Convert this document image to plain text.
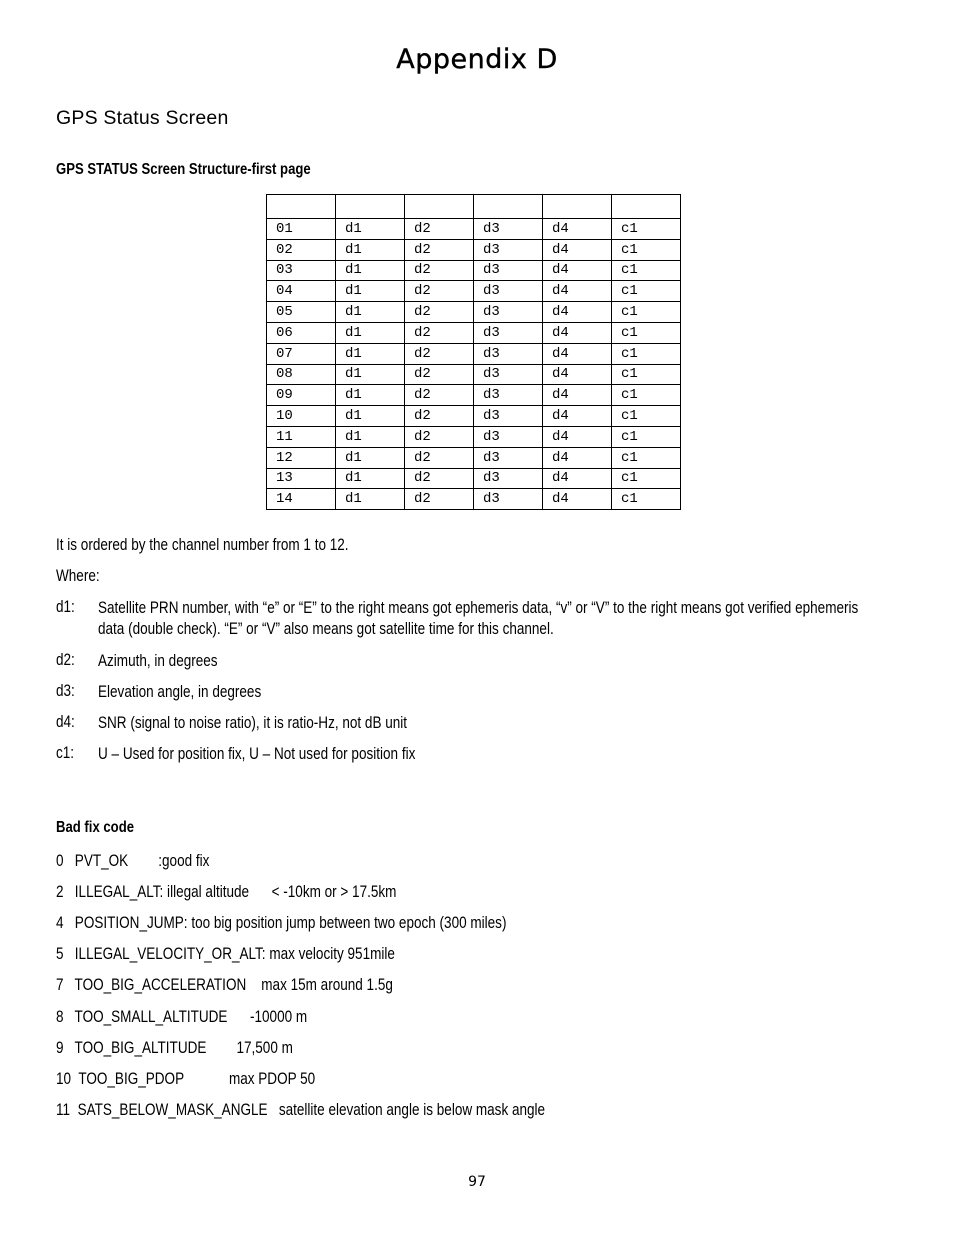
Appendix D
GPS Status Screen
GPS STATUS Screen Structure-first page

01	d1	d2	d3	d4	c1
02	d1	d2	d3	d4	c1
03	d1	d2	d3	d4	c1
04	d1	d2	d3	d4	c1
05	d1	d2	d3	d4	c1
06	d1	d2	d3	d4	c1
07	d1	d2	d3	d4	c1
08	d1	d2	d3	d4	c1
09	d1	d2	d3	d4	c1
10	d1	d2	d3	d4	c1
11	d1	d2	d3	d4	c1
12	d1	d2	d3	d4	c1
13	d1	d2	d3	d4	c1
14	d1	d2	d3	d4	c1
It is ordered by the channel number from 1 to 12.
Where:
d1: Satellite PRN number, with “e” or “E” to the right means got ephemeris data, “v” or “V” to the right means got verified ephemeris data (double check). “E” or “V” also means got satellite time for this channel.
d2: Azimuth, in degrees
d3: Elevation angle, in degrees
d4: SNR (signal to noise ratio), it is ratio-Hz, not dB unit
c1: U – Used for position fix, U – Not used for position fix
Bad fix code
0   PVT_OK        :good fix
2   ILLEGAL_ALT: illegal altitude      < -10km or > 17.5km
4   POSITION_JUMP: too big position jump between two epoch (300 miles)
5   ILLEGAL_VELOCITY_OR_ALT: max velocity 951mile
7   TOO_BIG_ACCELERATION    max 15m around 1.5g
8   TOO_SMALL_ALTITUDE      -10000 m
9   TOO_BIG_ALTITUDE        17,500 m
10  TOO_BIG_PDOP            max PDOP 50
11  SATS_BELOW_MASK_ANGLE   satellite elevation angle is below mask angle
97
